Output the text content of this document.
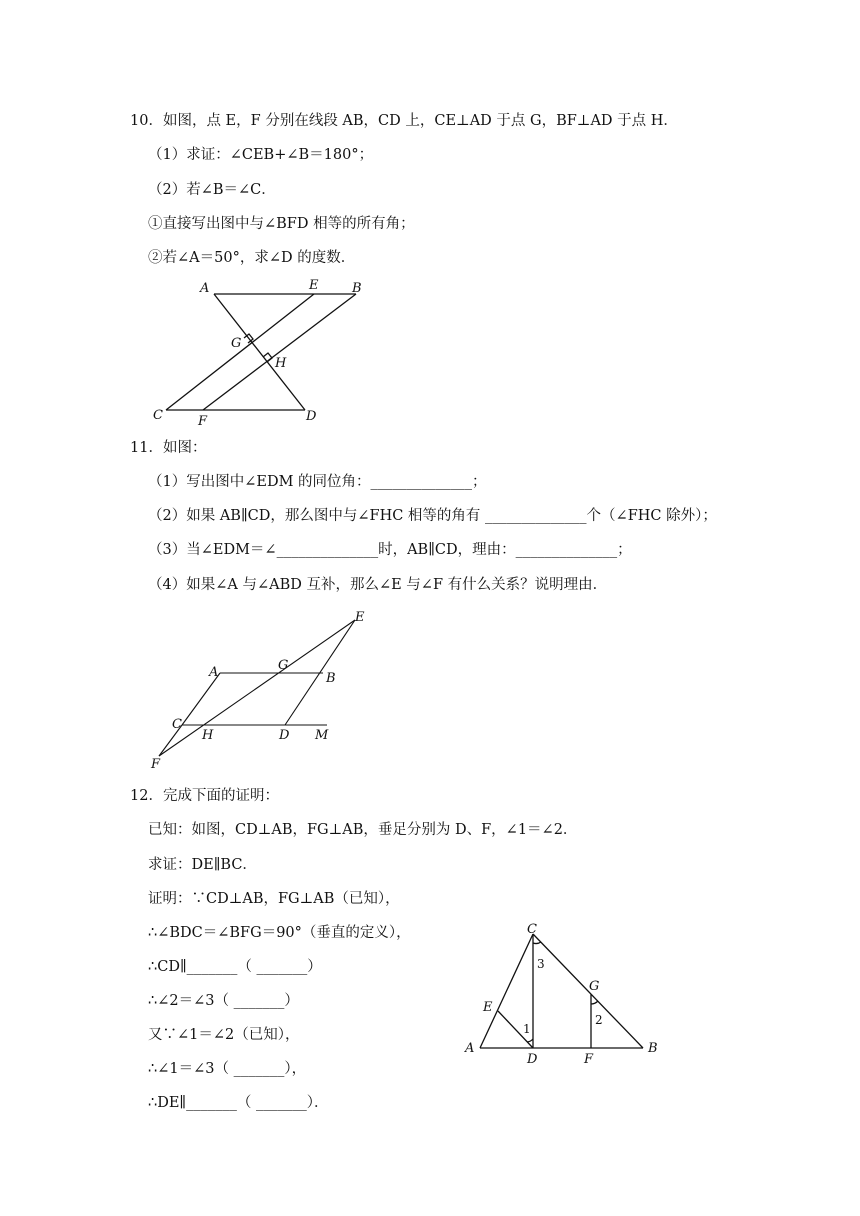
10．如图，点 E，F 分别在线段 AB，CD 上，CE⊥AD 于点 G，BF⊥AD 于点 H．
（1）求证：∠CEB+∠B＝180°；
（2）若∠B＝∠C．
①直接写出图中与∠BFD 相等的所有角；
②若∠A＝50°，求∠D 的度数．
A	E	B
G
H
C	F	D
11．如图：
（1）写出图中∠EDM 的同位角：______________；
（2）如果 AB∥CD，那么图中与∠FHC 相等的角有 ______________个（∠FHC 除外）；
（3）当∠EDM＝∠______________时，AB∥CD，理由：______________；
（4）如果∠A 与∠ABD 互补，那么∠E 与∠F 有什么关系？说明理由．
E
A	G
B
C
H	D M
F
12．完成下面的证明：
已知：如图，CD⊥AB，FG⊥AB，垂足分别为 D、F，∠1＝∠2．
求证：DE∥BC．
证明：∵CD⊥AB，FG⊥AB（已知），
∴∠BDC＝∠BFG＝90°（垂直的定义），
∴CD∥_______（ _______）
∴∠2＝∠3（ _______）
又∵∠1＝∠2（已知），
∴∠1＝∠3（ _______），
∴DE∥_______（ _______）．
C
G
E
A
D	F
B
1
2
3
